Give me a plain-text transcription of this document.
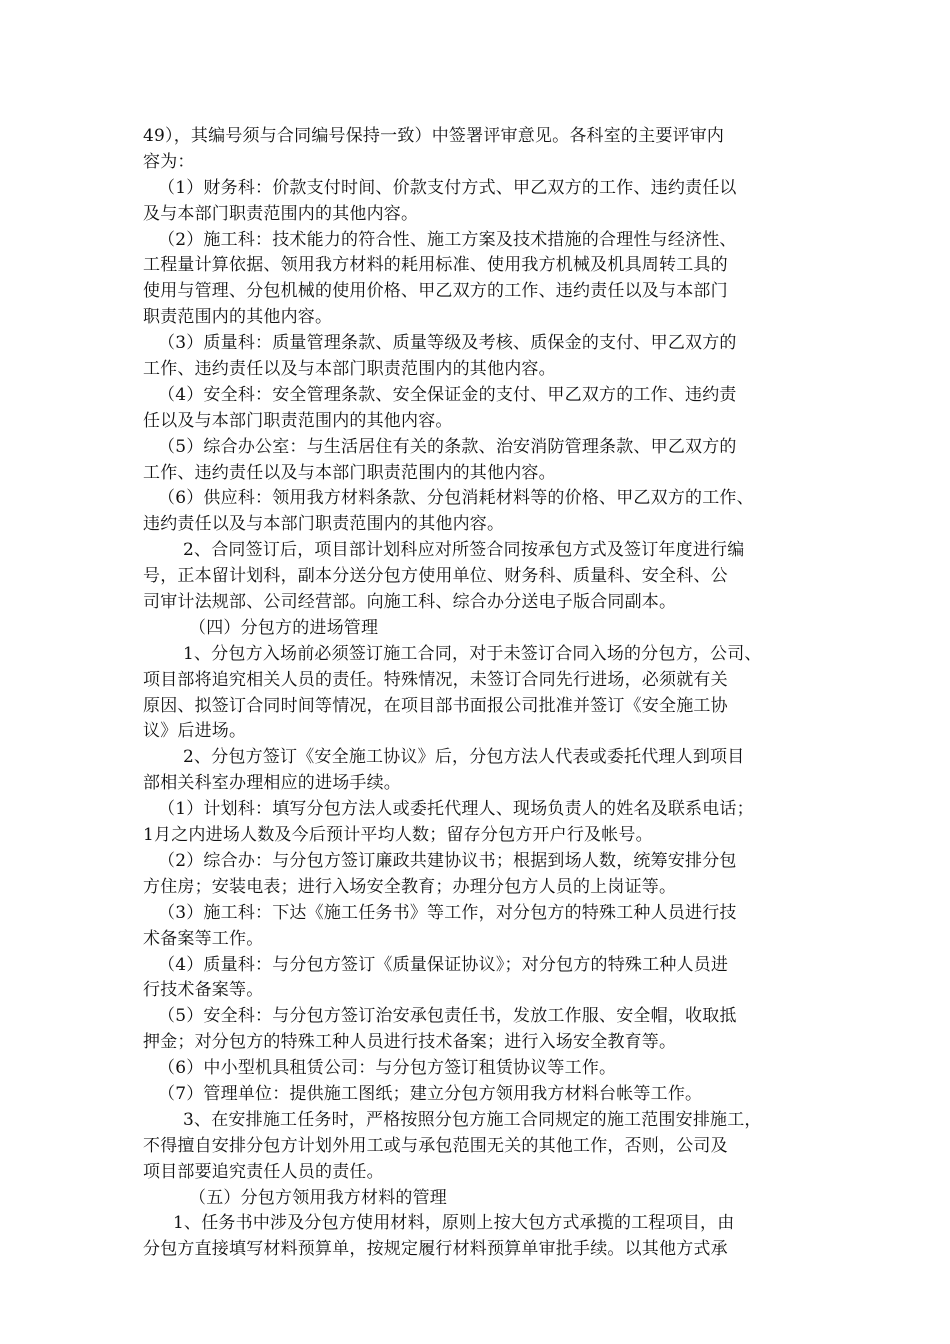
49），其编号须与合同编号保持一致）中签署评审意见。各科室的主要评审内
容为：
（1）财务科：价款支付时间、价款支付方式、甲乙双方的工作、违约责任以
及与本部门职责范围内的其他内容。
（2）施工科：技术能力的符合性、施工方案及技术措施的合理性与经济性、
工程量计算依据、领用我方材料的耗用标准、使用我方机械及机具周转工具的
使用与管理、分包机械的使用价格、甲乙双方的工作、违约责任以及与本部门
职责范围内的其他内容。
（3）质量科：质量管理条款、质量等级及考核、质保金的支付、甲乙双方的
工作、违约责任以及与本部门职责范围内的其他内容。
（4）安全科：安全管理条款、安全保证金的支付、甲乙双方的工作、违约责
任以及与本部门职责范围内的其他内容。
（5）综合办公室：与生活居住有关的条款、治安消防管理条款、甲乙双方的
工作、违约责任以及与本部门职责范围内的其他内容。
（6）供应科：领用我方材料条款、分包消耗材料等的价格、甲乙双方的工作、
违约责任以及与本部门职责范围内的其他内容。
2、合同签订后，项目部计划科应对所签合同按承包方式及签订年度进行编
号，正本留计划科，副本分送分包方使用单位、财务科、质量科、安全科、公
司审计法规部、公司经营部。向施工科、综合办分送电子版合同副本。
（四）分包方的进场管理
1、分包方入场前必须签订施工合同，对于未签订合同入场的分包方，公司、
项目部将追究相关人员的责任。特殊情况，未签订合同先行进场，必须就有关
原因、拟签订合同时间等情况，在项目部书面报公司批准并签订《安全施工协
议》后进场。
2、分包方签订《安全施工协议》后，分包方法人代表或委托代理人到项目
部相关科室办理相应的进场手续。
（1）计划科：填写分包方法人或委托代理人、现场负责人的姓名及联系电话；
1月之内进场人数及今后预计平均人数；留存分包方开户行及帐号。
（2）综合办：与分包方签订廉政共建协议书；根据到场人数，统筹安排分包
方住房；安装电表；进行入场安全教育；办理分包方人员的上岗证等。
（3）施工科：下达《施工任务书》等工作，对分包方的特殊工种人员进行技
术备案等工作。
（4）质量科：与分包方签订《质量保证协议》；对分包方的特殊工种人员进
行技术备案等。
（5）安全科：与分包方签订治安承包责任书，发放工作服、安全帽，收取抵
押金；对分包方的特殊工种人员进行技术备案；进行入场安全教育等。
（6）中小型机具租赁公司：与分包方签订租赁协议等工作。
（7）管理单位：提供施工图纸；建立分包方领用我方材料台帐等工作。
3、在安排施工任务时，严格按照分包方施工合同规定的施工范围安排施工，
不得擅自安排分包方计划外用工或与承包范围无关的其他工作，否则，公司及
项目部要追究责任人员的责任。
（五）分包方领用我方材料的管理
1、任务书中涉及分包方使用材料，原则上按大包方式承揽的工程项目，由
分包方直接填写材料预算单，按规定履行材料预算单审批手续。以其他方式承
